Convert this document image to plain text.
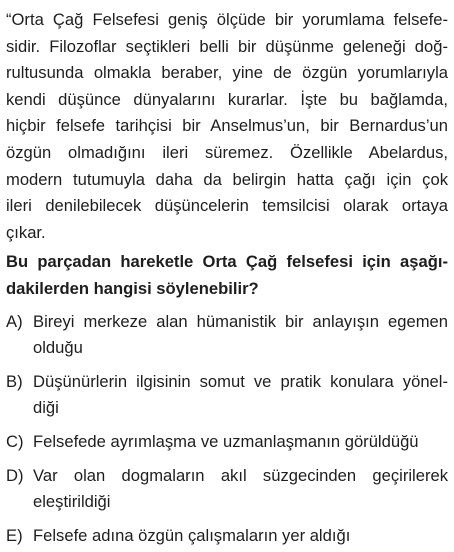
“Orta Çağ Felsefesi geniş ölçüde bir yorumlama felsefe-
sidir. Filozoflar seçtikleri belli bir düşünme geleneği doğ-
rultusunda olmakla beraber, yine de özgün yorumlarıyla
kendi düşünce dünyalarını kurarlar. İşte bu bağlamda,
hiçbir felsefe tarihçisi bir Anselmus’un, bir Bernardus’un
özgün olmadığını ileri süremez. Özellikle Abelardus,
modern tutumuyla daha da belirgin hatta çağı için çok
ileri denilebilecek düşüncelerin temsilcisi olarak ortaya
çıkar.
Bu parçadan hareketle Orta Çağ felsefesi için aşağı-
dakilerden hangisi söylenebilir?
A) Bireyi merkeze alan hümanistik bir anlayışın egemen
olduğu
B) Düşünürlerin ilgisinin somut ve pratik konulara yönel-
diği
C) Felsefede ayrımlaşma ve uzmanlaşmanın görüldüğü
D) Var olan dogmaların akıl süzgecinden geçirilerek
eleştirildiği
E) Felsefe adına özgün çalışmaların yer aldığı
